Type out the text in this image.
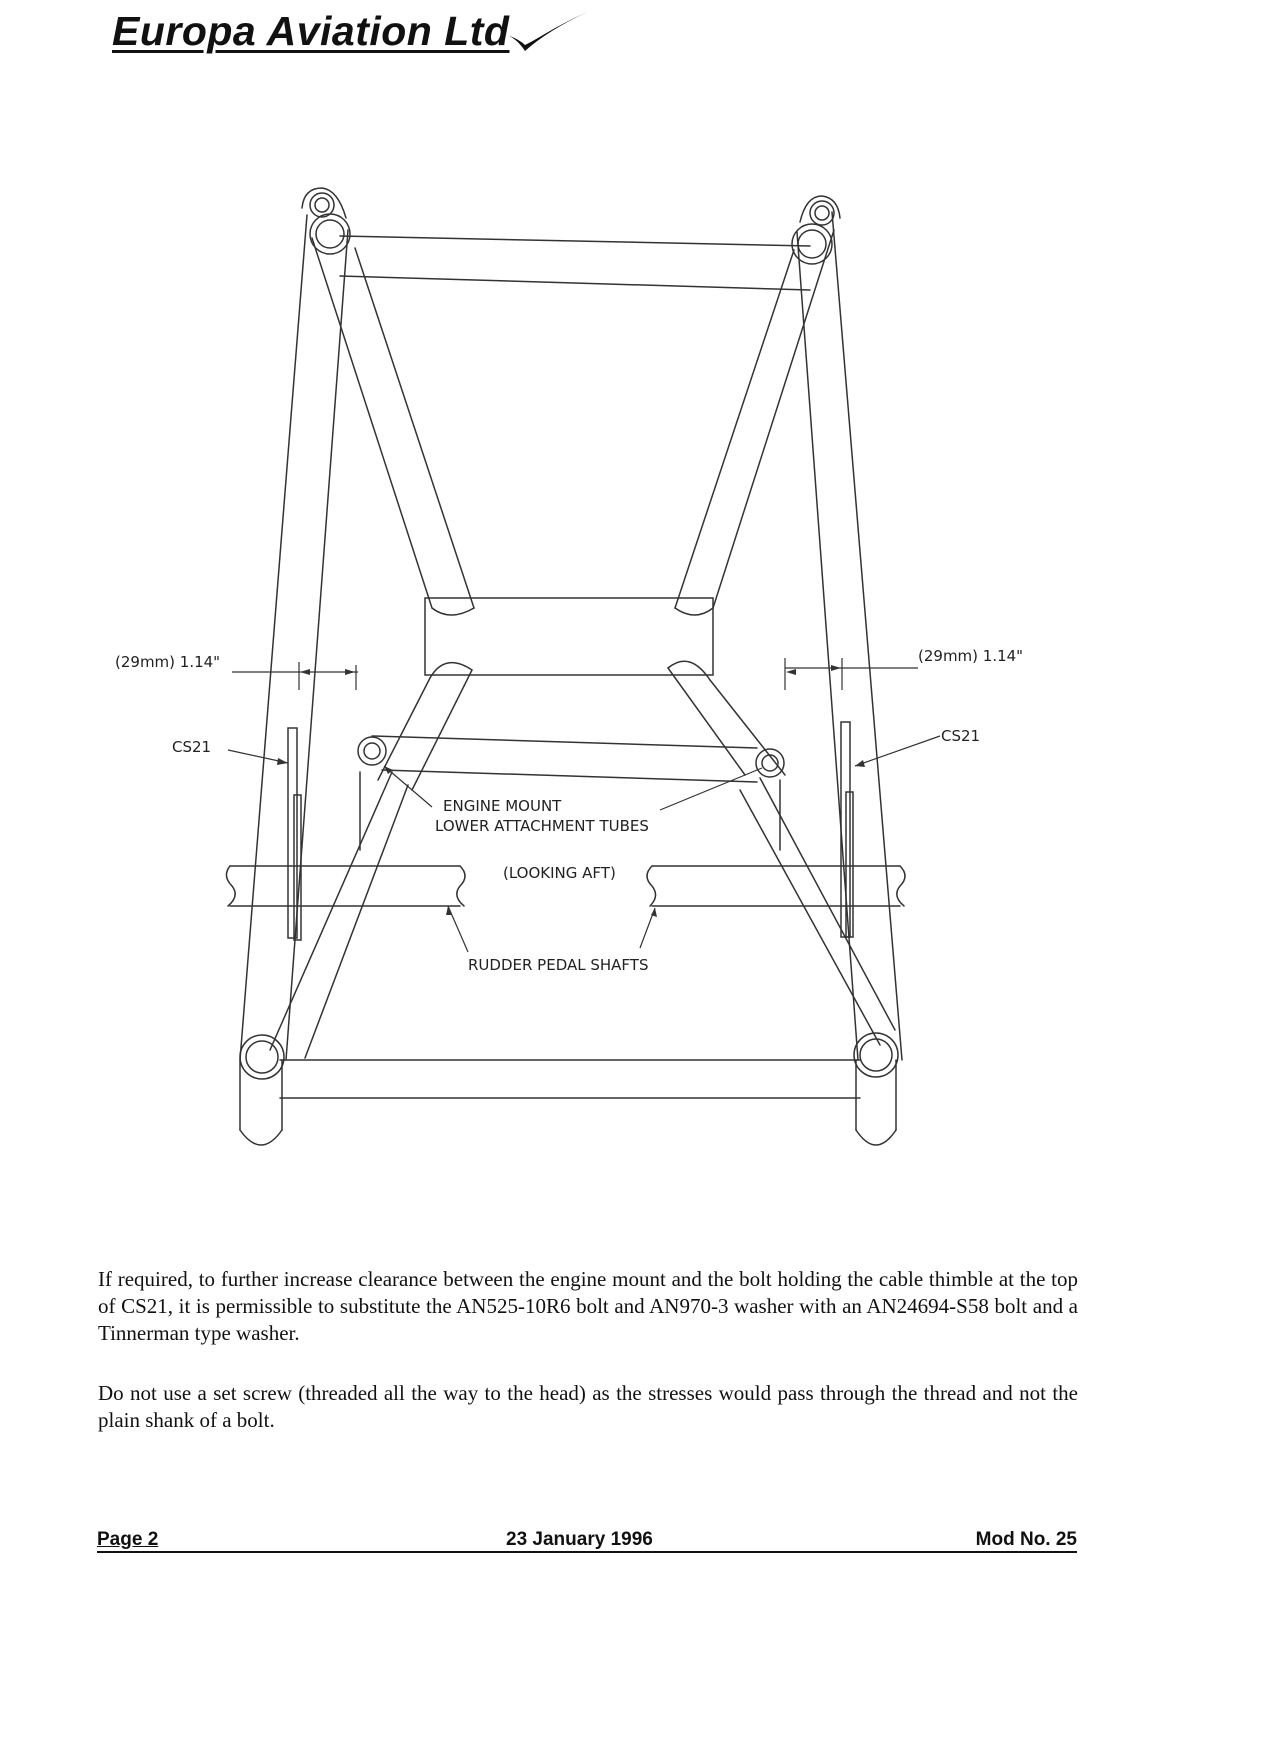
Europa Aviation Ltd
(29mm) 1.14"	(29mm) 1.14"
CS21
CS21
ENGINE MOUNT
LOWER ATTACHMENT TUBES
(LOOKING AFT)
RUDDER PEDAL SHAFTS

If required, to further increase clearance between the engine mount and the bolt holding the cable thimble at the top of CS21, it is permissible to substitute the AN525-10R6 bolt and AN970-3 washer with an AN24694-S58 bolt and a Tinnerman type washer.

Do not use a set screw (threaded all the way to the head) as the stresses would pass through the thread and not the plain shank of a bolt.

Page 2	23 January 1996	Mod No. 25
